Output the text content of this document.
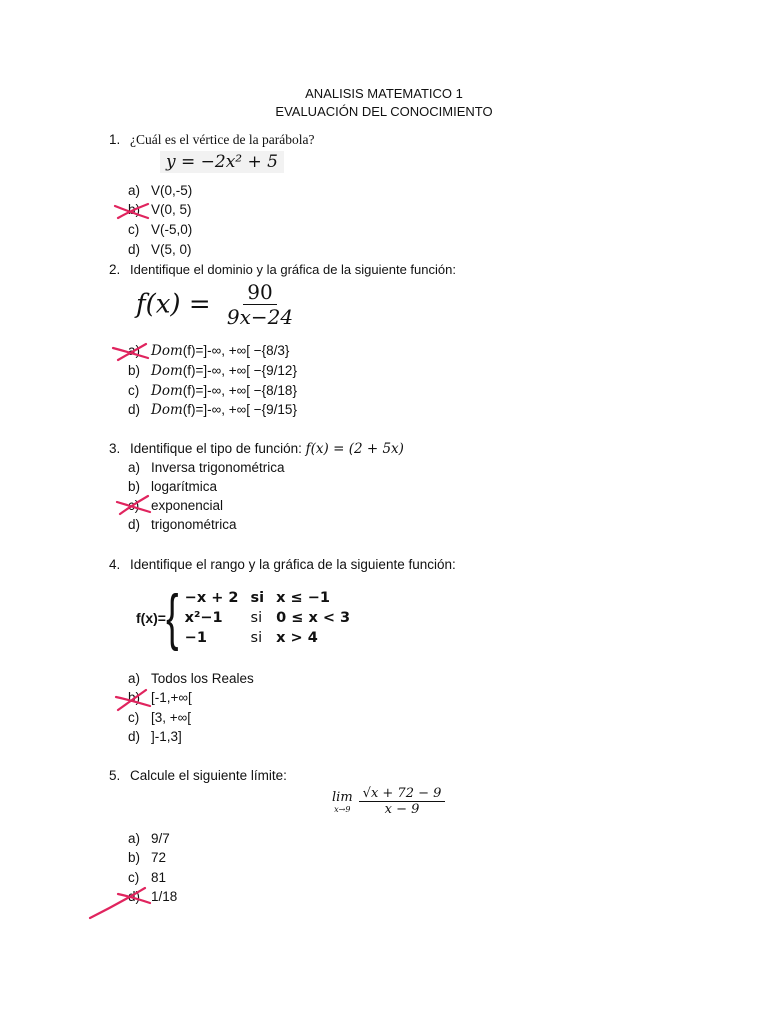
ANALISIS MATEMATICO 1
EVALUACIÓN DEL CONOCIMIENTO
1. ¿Cuál es el vértice de la parábola?
y = −2x² + 5
a) V(0,-5)
b) V(0, 5)
c) V(-5,0)
d) V(5, 0)
2. Identifique el dominio y la gráfica de la siguiente función:
$f(x) = \frac{90}{9x-24}$
a) Dom(f)=]-∞, +∞[ −{8/3}
b) Dom(f)=]-∞, +∞[ −{9/12}
c) Dom(f)=]-∞, +∞[ −{8/18}
d) Dom(f)=]-∞, +∞[ −{9/15}
3. Identifique el tipo de función: f(x) = (2 + 5x)
a) Inversa trigonométrica
b) logarítmica
c) exponencial
d) trigonométrica
4. Identifique el rango y la gráfica de la siguiente función:
f(x)= { −x + 2	si	x ≤ −1
x²−1	si	0 ≤ x < 3
−1	si	x > 4
a) Todos los Reales
b) [-1,+∞[
c) [3, +∞[
d) ]-1,3]
5. Calcule el siguiente límite:
lim
$x\to 9 \frac{√x + 72 - 9}{x - 9}$
a) 9/7
b) 72
c) 81
d) 1/18
